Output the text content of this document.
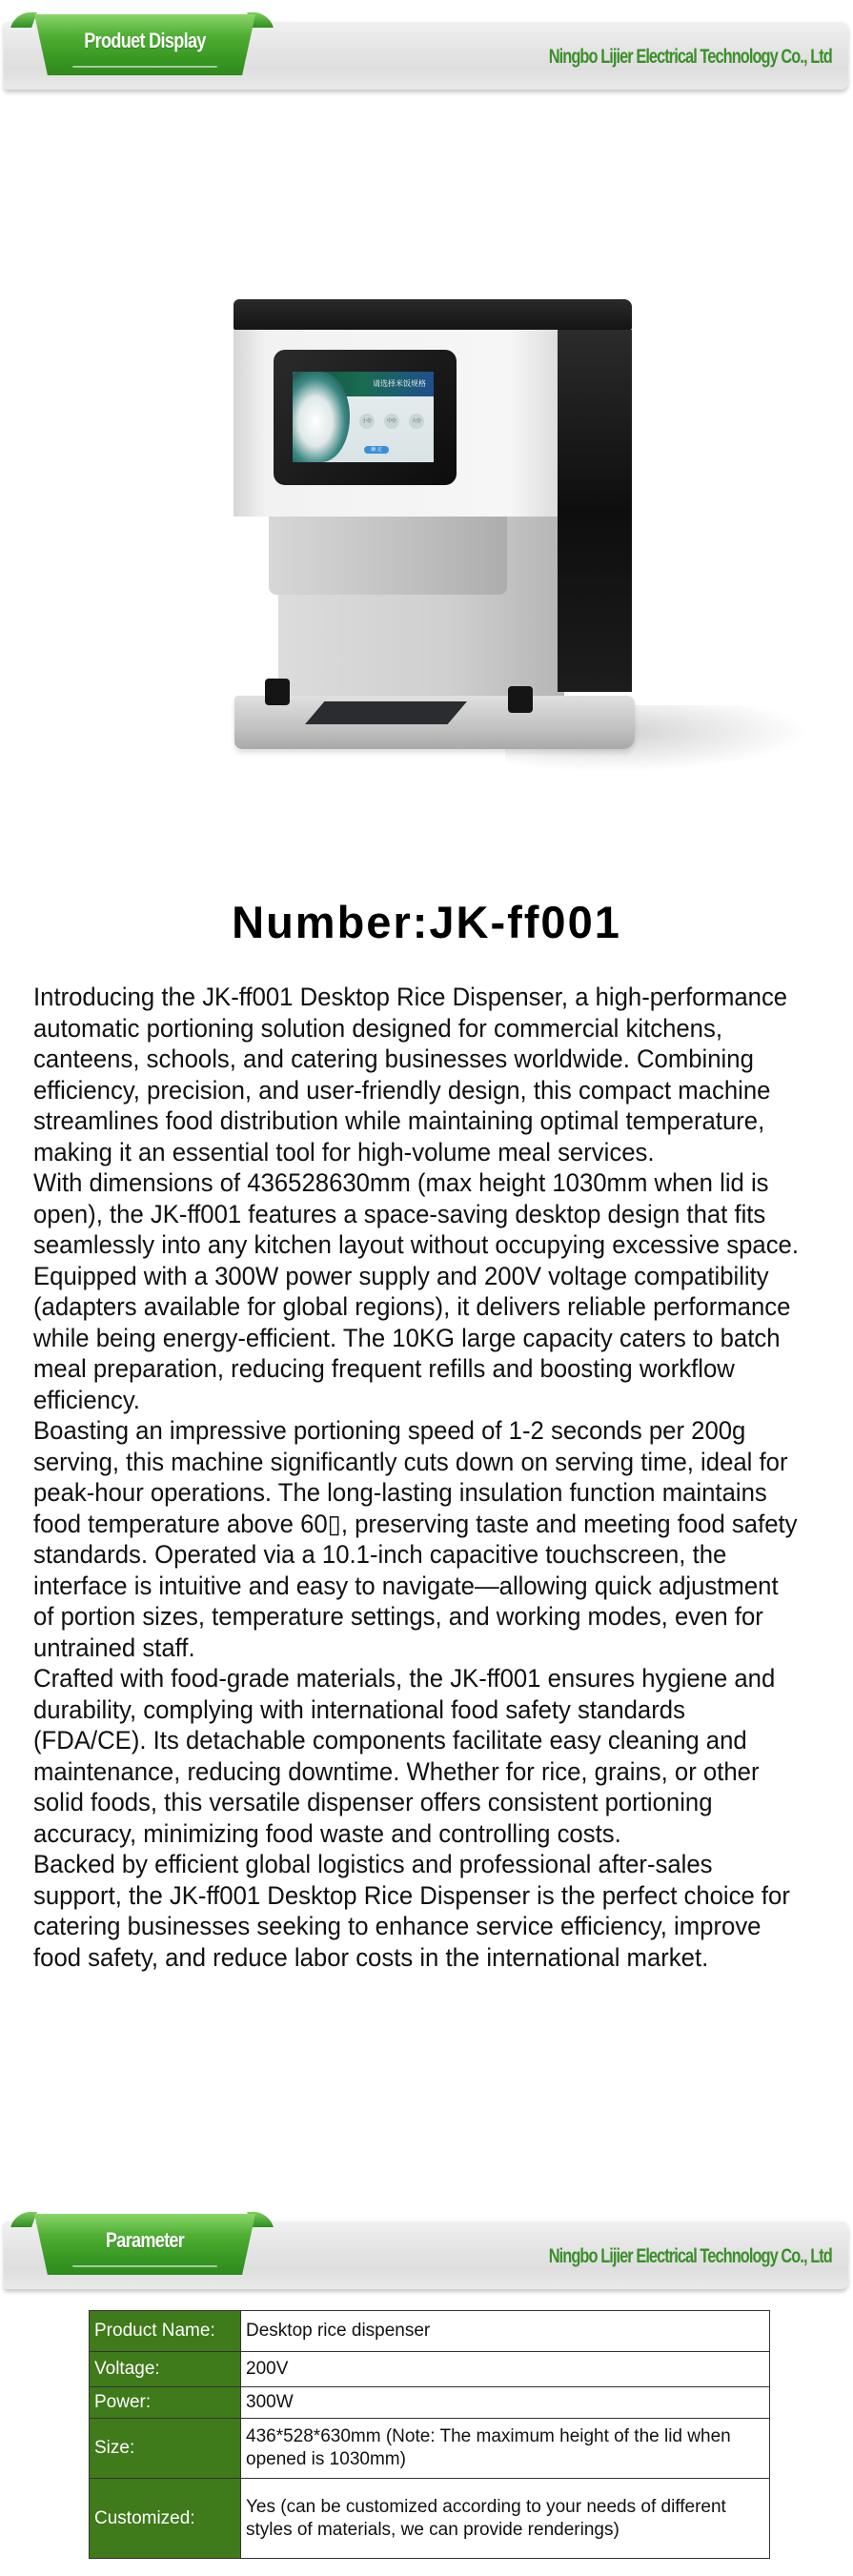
Produet Display
Ningbo Lijier Electrical Technology Co., Ltd
请选择米饭规格
小份	中份	大份
确 定
Number:JK-ff001

Introducing the JK-ff001 Desktop Rice Dispenser, a high-performance automatic portioning solution designed for commercial kitchens, canteens, schools, and catering businesses worldwide. Combining efficiency, precision, and user-friendly design, this compact machine streamlines food distribution while maintaining optimal temperature, making it an essential tool for high-volume meal services.

With dimensions of 436528630mm (max height 1030mm when lid is open), the JK-ff001 features a space-saving desktop design that fits seamlessly into any kitchen layout without occupying excessive space. Equipped with a 300W power supply and 200V voltage compatibility (adapters available for global regions), it delivers reliable performance while being energy-efficient. The 10KG large capacity caters to batch meal preparation, reducing frequent refills and boosting workflow efficiency.

Boasting an impressive portioning speed of 1-2 seconds per 200g serving, this machine significantly cuts down on serving time, ideal for peak-hour operations. The long-lasting insulation function maintains food temperature above 60▯, preserving taste and meeting food safety standards. Operated via a 10.1-inch capacitive touchscreen, the interface is intuitive and easy to navigate—allowing quick adjustment of portion sizes, temperature settings, and working modes, even for untrained staff.

Crafted with food-grade materials, the JK-ff001 ensures hygiene and durability, complying with international food safety standards (FDA/CE). Its detachable components facilitate easy cleaning and maintenance, reducing downtime. Whether for rice, grains, or other solid foods, this versatile dispenser offers consistent portioning accuracy, minimizing food waste and controlling costs.

Backed by efficient global logistics and professional after-sales support, the JK-ff001 Desktop Rice Dispenser is the perfect choice for catering businesses seeking to enhance service efficiency, improve food safety, and reduce labor costs in the international market.

Parameter
Ningbo Lijier Electrical Technology Co., Ltd
Product Name:	Desktop rice dispenser
Voltage:	200V
Power:	300W
Size:	436*528*630mm (Note: The maximum height of the lid when opened is 1030mm)
Customized:	Yes (can be customized according to your needs of different styles of materials, we can provide renderings)
